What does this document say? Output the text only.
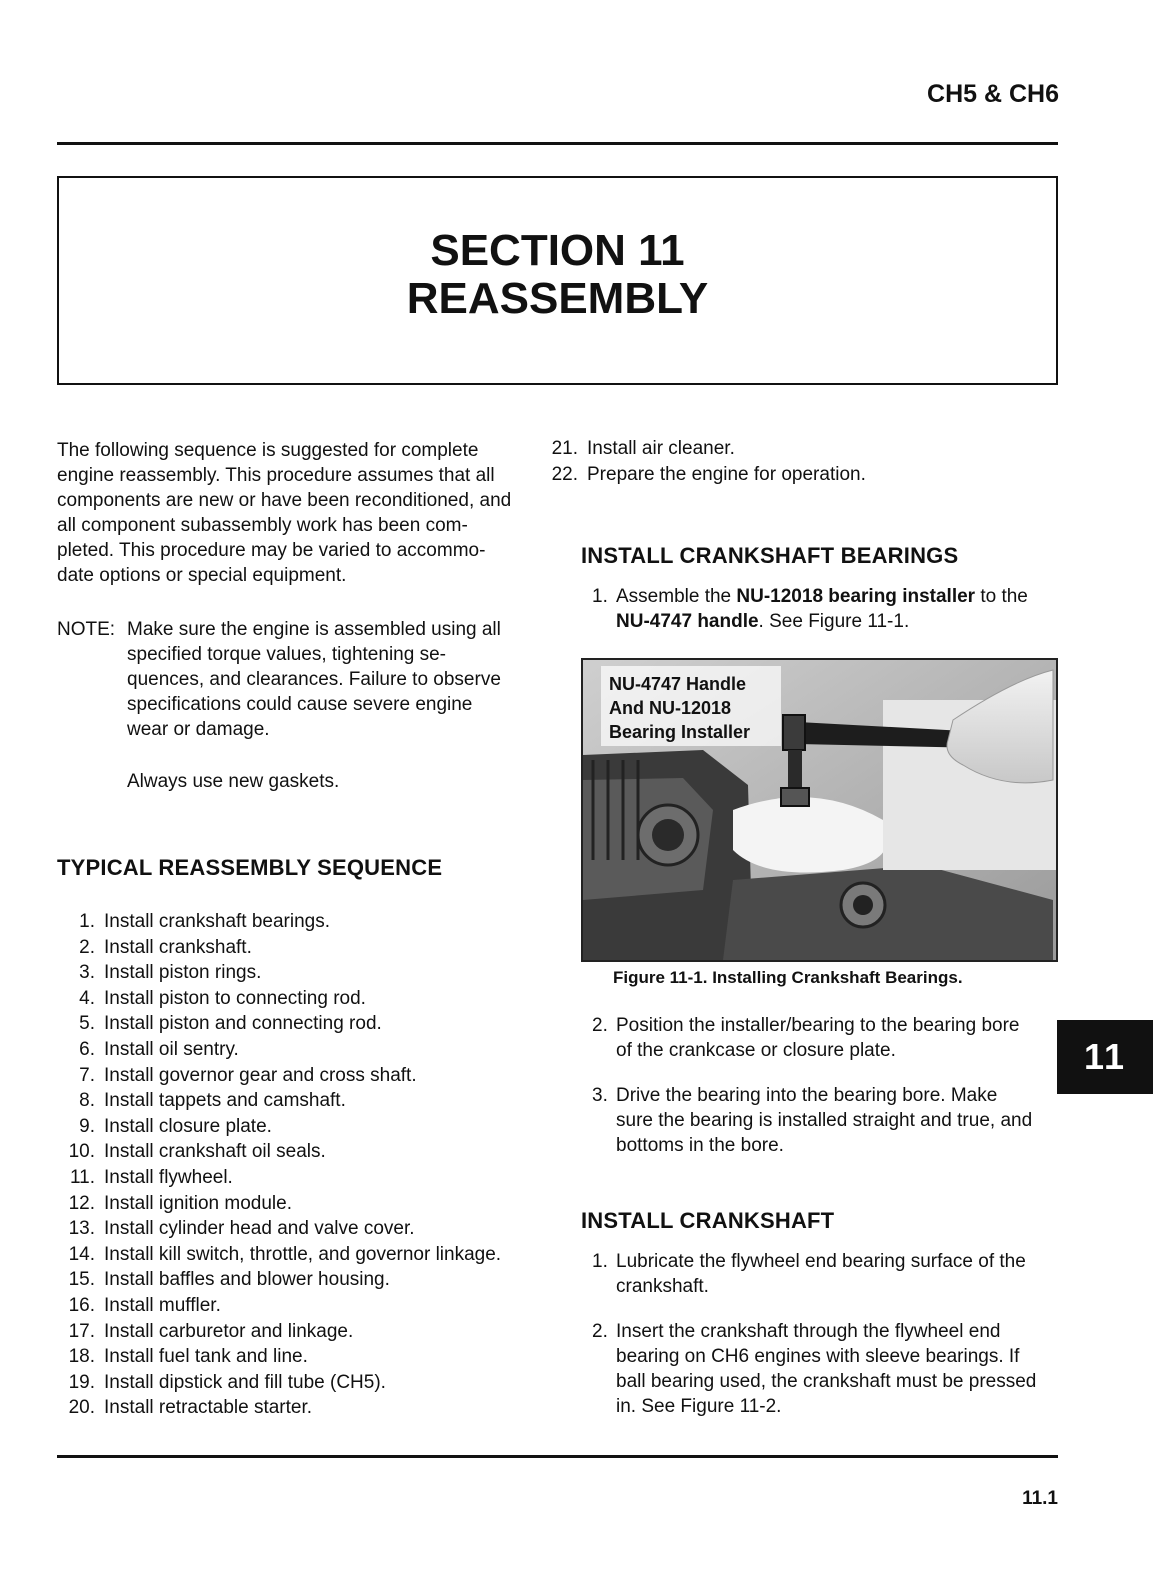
CH5 & CH6
SECTION 11
REASSEMBLY
The following sequence is suggested for complete
engine reassembly. This procedure assumes that all
components are new or have been reconditioned, and
all component subassembly work has been com-
pleted. This procedure may be varied to accommo-
date options or special equipment.
NOTE: Make sure the engine is assembled using all
specified torque values, tightening se-
quences, and clearances. Failure to observe
specifications could cause severe engine
wear or damage.
Always use new gaskets.
TYPICAL REASSEMBLY SEQUENCE
1. Install crankshaft bearings.
2. Install crankshaft.
3. Install piston rings.
4. Install piston to connecting rod.
5. Install piston and connecting rod.
6. Install oil sentry.
7. Install governor gear and cross shaft.
8. Install tappets and camshaft.
9. Install closure plate.
10. Install crankshaft oil seals.
11. Install flywheel.
12. Install ignition module.
13. Install cylinder head and valve cover.
14. Install kill switch, throttle, and governor linkage.
15. Install baffles and blower housing.
16. Install muffler.
17. Install carburetor and linkage.
18. Install fuel tank and line.
19. Install dipstick and fill tube (CH5).
20. Install retractable starter.
21. Install air cleaner.
22. Prepare the engine for operation.
INSTALL CRANKSHAFT BEARINGS
1. Assemble the NU-12018 bearing installer to the
NU-4747 handle. See Figure 11-1.
NU-4747 Handle
And NU-12018
Bearing Installer
Figure 11-1. Installing Crankshaft Bearings.
2. Position the installer/bearing to the bearing bore
of the crankcase or closure plate.
3. Drive the bearing into the bearing bore. Make
sure the bearing is installed straight and true, and
bottoms in the bore.
INSTALL CRANKSHAFT
1. Lubricate the flywheel end bearing surface of the
crankshaft.
2. Insert the crankshaft through the flywheel end
bearing on CH6 engines with sleeve bearings. If
ball bearing used, the crankshaft must be pressed
in. See Figure 11-2.
11
11.1
